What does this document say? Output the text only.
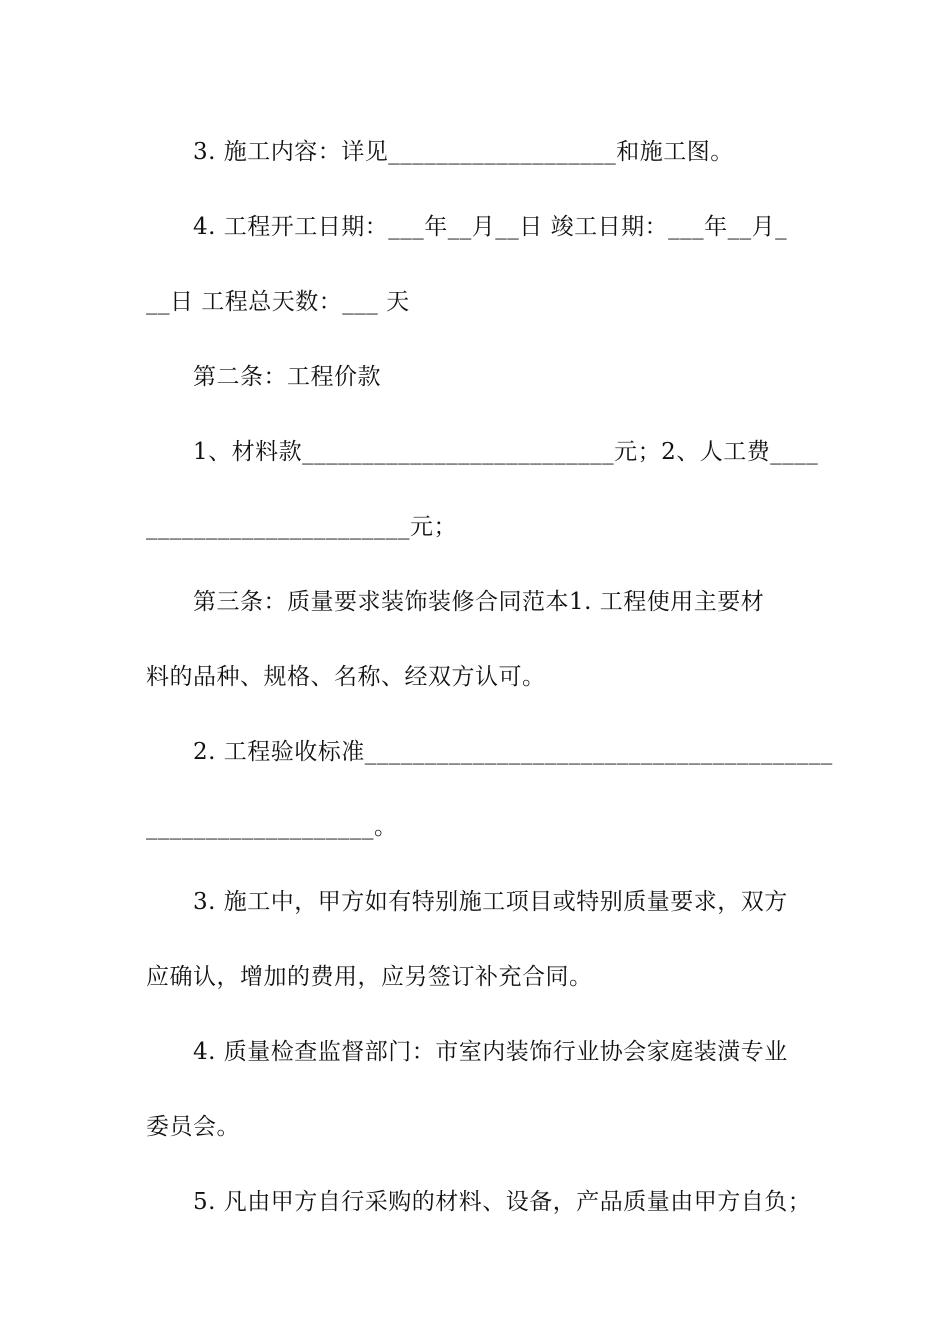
3. 施工内容：详见___________________和施工图。
4. 工程开工日期：___年__月__日 竣工日期：___年__月_
__日 工程总天数：___ 天
第二条：工程价款
1、材料款__________________________元；2、人工费____
______________________元；
第三条：质量要求装饰装修合同范本1. 工程使用主要材
料的品种、规格、名称、经双方认可。
2. 工程验收标准_______________________________________
___________________。
3. 施工中，甲方如有特别施工项目或特别质量要求，双方
应确认，增加的费用，应另签订补充合同。
4. 质量检查监督部门：市室内装饰行业协会家庭装潢专业
委员会。
5. 凡由甲方自行采购的材料、设备，产品质量由甲方自负；
